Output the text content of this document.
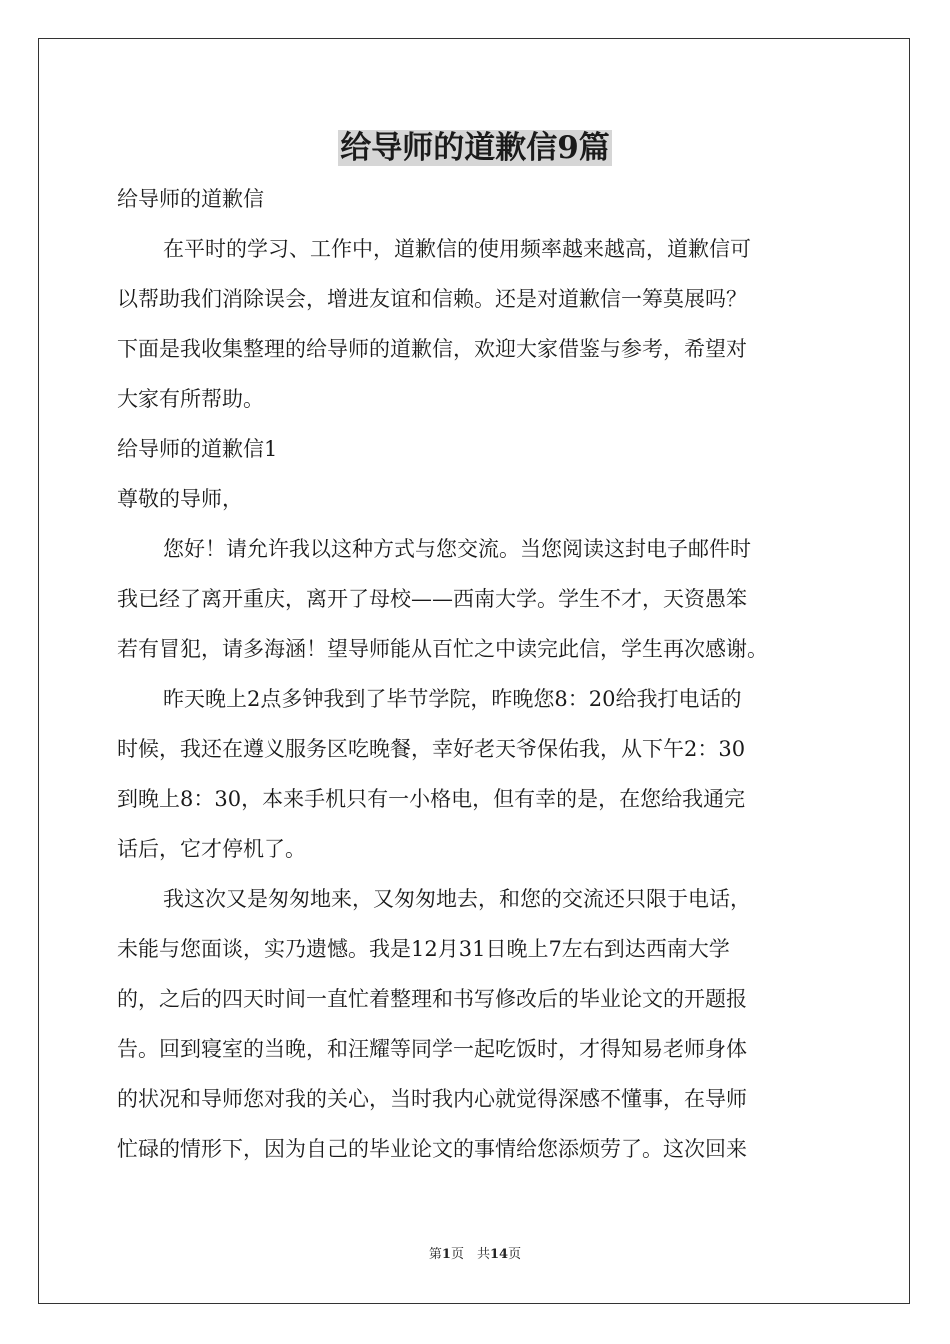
给导师的道歉信9篇

给导师的道歉信

在平时的学习、工作中，道歉信的使用频率越来越高，道歉信可

以帮助我们消除误会，增进友谊和信赖。还是对道歉信一筹莫展吗？

下面是我收集整理的给导师的道歉信，欢迎大家借鉴与参考，希望对

大家有所帮助。

给导师的道歉信1

尊敬的导师，

您好！请允许我以这种方式与您交流。当您阅读这封电子邮件时

我已经了离开重庆，离开了母校——西南大学。学生不才，天资愚笨

若有冒犯，请多海涵！望导师能从百忙之中读完此信，学生再次感谢。

昨天晚上2点多钟我到了毕节学院，昨晚您8：20给我打电话的

时候，我还在遵义服务区吃晚餐，幸好老天爷保佑我，从下午2：30

到晚上8：30，本来手机只有一小格电，但有幸的是，在您给我通完

话后，它才停机了。

我这次又是匆匆地来，又匆匆地去，和您的交流还只限于电话，

未能与您面谈，实乃遗憾。我是12月31日晚上7左右到达西南大学

的，之后的四天时间一直忙着整理和书写修改后的毕业论文的开题报

告。回到寝室的当晚，和汪耀等同学一起吃饭时，才得知易老师身体

的状况和导师您对我的关心，当时我内心就觉得深感不懂事，在导师

忙碌的情形下，因为自己的毕业论文的事情给您添烦劳了。这次回来

第1页　共14页
